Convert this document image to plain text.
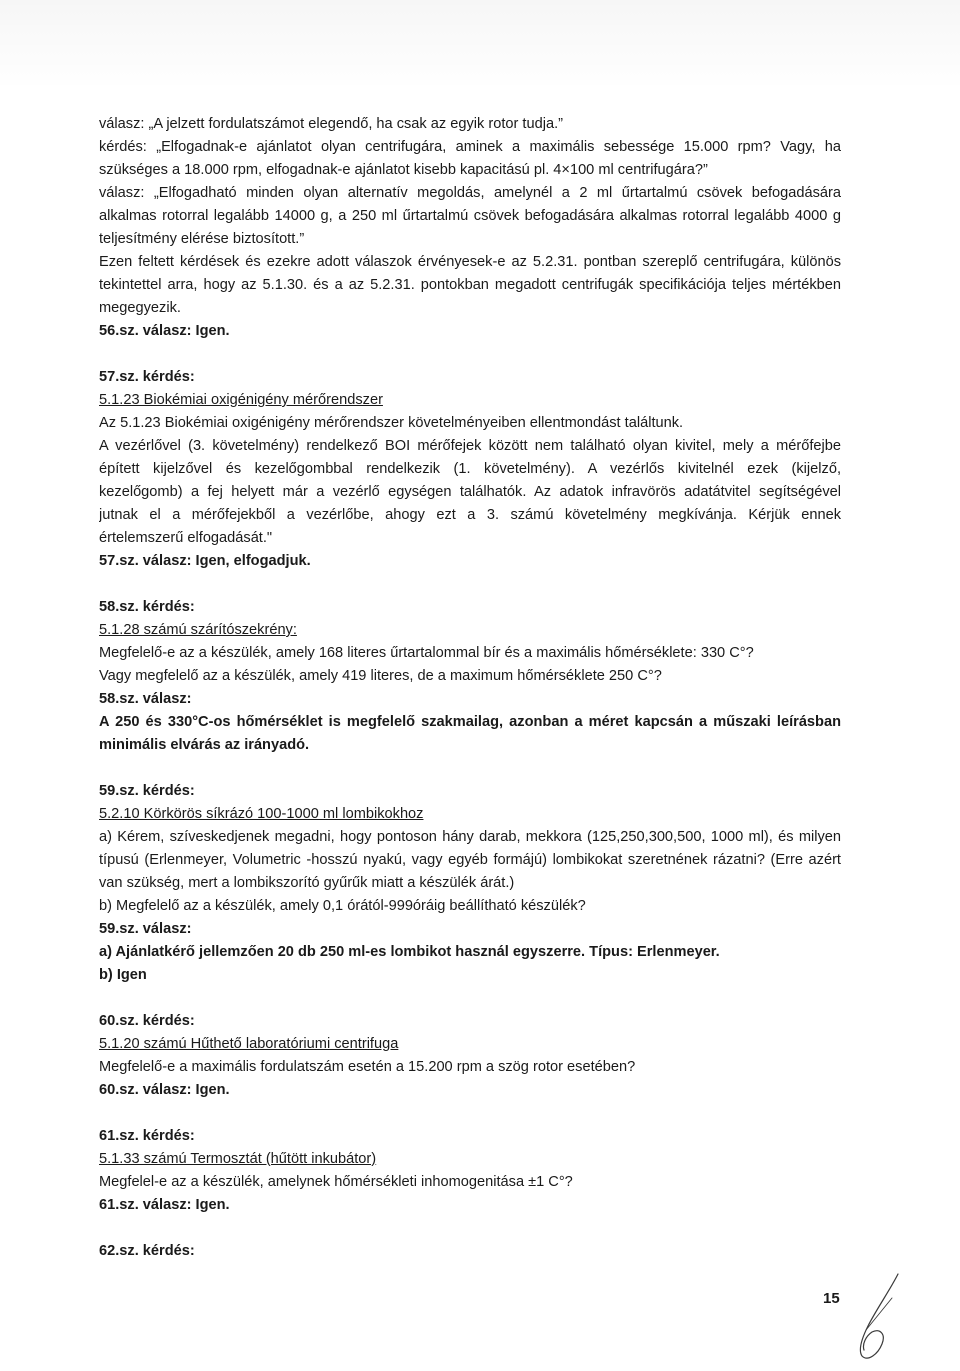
válasz: „A jelzett fordulatszámot elegendő, ha csak az egyik rotor tudja.”
kérdés: „Elfogadnak-e ajánlatot olyan centrifugára, aminek a maximális sebessége 15.000 rpm? Vagy, ha
szükséges a 18.000 rpm, elfogadnak-e ajánlatot kisebb kapacitású pl. 4×100 ml centrifugára?”
válasz: „Elfogadható minden olyan alternatív megoldás, amelynél a 2 ml űrtartalmú csövek befogadására
alkalmas rotorral legalább 14000 g, a 250 ml űrtartalmú csövek befogadására alkalmas rotorral legalább 4000 g
teljesítmény elérése biztosított.”
Ezen feltett kérdések és ezekre adott válaszok érvényesek-e az 5.2.31. pontban szereplő centrifugára, különös
tekintettel arra, hogy az 5.1.30. és a az 5.2.31. pontokban megadott centrifugák specifikációja teljes mértékben
megegyezik.
56.sz. válasz: Igen.
57.sz. kérdés:
5.1.23 Biokémiai oxigénigény mérőrendszer
Az 5.1.23 Biokémiai oxigénigény mérőrendszer követelményeiben ellentmondást találtunk.
A vezérlővel (3. követelmény) rendelkező BOI mérőfejek között nem található olyan kivitel, mely a mérőfejbe
épített kijelzővel és kezelőgombbal rendelkezik (1. követelmény). A vezérlős kivitelnél ezek (kijelző,
kezelőgomb) a fej helyett már a vezérlő egységen találhatók. Az adatok infravörös adatátvitel segítségével
jutnak el a mérőfejekből a vezérlőbe, ahogy ezt a 3. számú követelmény megkívánja. Kérjük ennek
értelemszerű elfogadását."
57.sz. válasz: Igen, elfogadjuk.
58.sz. kérdés:
5.1.28 számú szárítószekrény:
Megfelelő-e az a készülék, amely 168 literes űrtartalommal bír és a maximális hőmérséklete: 330 C°?
Vagy megfelelő az a készülék, amely 419 literes, de a maximum hőmérséklete 250 C°?
58.sz. válasz:
A 250 és 330°C-os hőmérséklet is megfelelő szakmailag, azonban a méret kapcsán a műszaki leírásban
minimális elvárás az irányadó.
59.sz. kérdés:
5.2.10 Körkörös síkrázó 100-1000 ml lombikokhoz
a) Kérem, szíveskedjenek megadni, hogy pontoson hány darab, mekkora (125,250,300,500, 1000 ml), és milyen
típusú (Erlenmeyer, Volumetric -hosszú nyakú, vagy egyéb formájú) lombikokat szeretnének rázatni? (Erre azért
van szükség, mert a lombikszorító gyűrűk miatt a készülék árát.)
b) Megfelelő az a készülék, amely 0,1 órától-999óráig beállítható készülék?
59.sz. válasz:
a) Ajánlatkérő jellemzően 20 db 250 ml-es lombikot használ egyszerre. Típus: Erlenmeyer.
b) Igen
60.sz. kérdés:
5.1.20 számú Hűthető laboratóriumi centrifuga
Megfelelő-e a maximális fordulatszám esetén a 15.200 rpm a szög rotor esetében?
60.sz. válasz: Igen.
61.sz. kérdés:
5.1.33 számú Termosztát (hűtött inkubátor)
Megfelel-e az a készülék, amelynek hőmérsékleti inhomogenitása ±1 C°?
61.sz. válasz: Igen.
62.sz. kérdés:
15
